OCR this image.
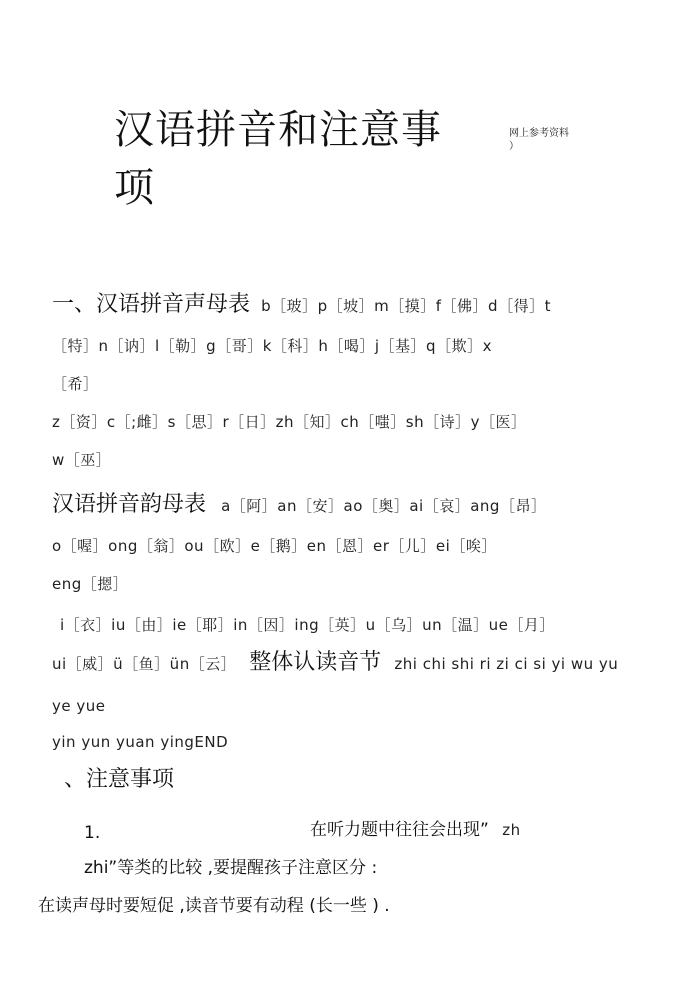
汉语拼音和注意事
项
网上参考资料
）
一、汉语拼音声母表 b［玻］p［坡］m［摸］f［佛］d［得］t
［特］n［讷］l［勒］g［哥］k［科］h［喝］j［基］q［欺］x
［希］
z［资］c［;雌］s［思］r［日］zh［知］ch［嗤］sh［诗］y［医］
w［巫］
汉语拼音韵母表 a［阿］an［安］ao［奥］ai［哀］ang［昂］
o［喔］ong［翁］ou［欧］e［鹅］en［恩］er［儿］ei［唉］
eng［摁］
i［衣］iu［由］ie［耶］in［因］ing［英］u［乌］un［温］ue［月］
ui［威］ü［鱼］ün［云］ 整体认读音节 zhi chi shi ri zi ci si yi wu yu
ye yue
yin yun yuan yingEND
、注意事项
1.	在听力题中往往会出现” zh
zhi”等类的比较 ,要提醒孩子注意区分 :
在读声母时要短促 ,读音节要有动程 (长一些 ) .
